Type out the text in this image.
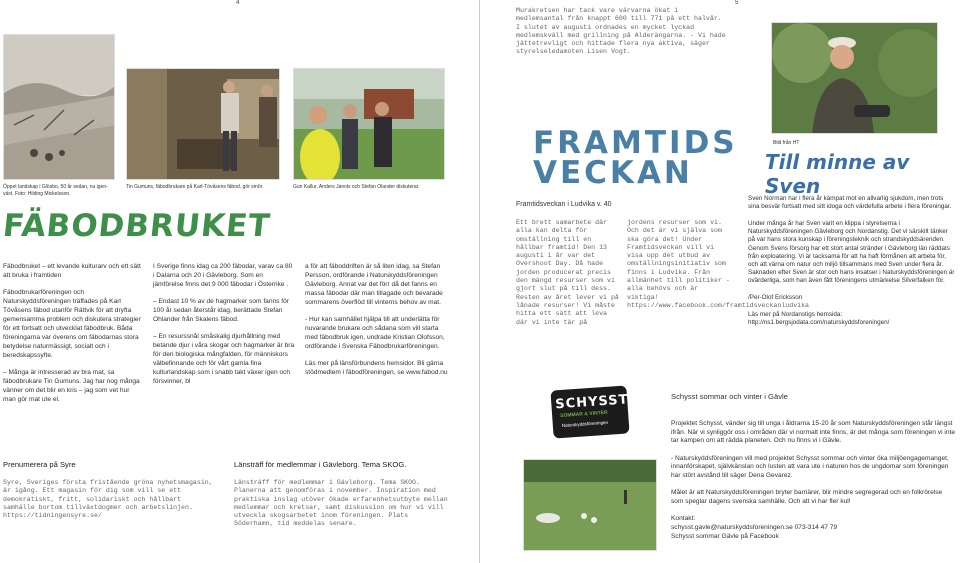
4
Öppet landskap i Glösbo, 50 år sedan, nu igen-växt. Foto: Hilding Mickelsson.
Tin Gumuns, fäbodbrukare på Karl-Tövåsens fäbod, gör smör.	Gun Kallur, Anders Janols och Stefan Olander diskuterar.
FÄBODBRUKET

Fäbodbruket – ett levande kulturarv och ett sätt att bruka i framtiden

Fäbodbrukarföreningen och Naturskyddsföreningen träffades på Karl Tövåsens fäbod utanför Rättvik för att dryfta gemensamma problem och diskutera strategier för ett fortsatt och utvecklat fäbodbruk. Båda föreningarna var överens om fäbodarnas stora betydelse naturmässigt, socialt och i beredskapssyfte.

– Många är intresserad av bra mat, sa fäbodbrukare Tin Gumuns. Jag har nog många vänner om det blir en kris – jag som vet hur man gör mat ute el.

I Sverige finns idag ca 200 fäbodar, varav ca 80 i Dalarna och 20 i Gävleborg. Som en jämförelse finns det 9 000 fäbodar i Österrike .

– Endast 10 % av de hagmarker som fanns för 100 år sedan återstår idag, berättade Stefan Ohlander från Skalens fäbod.

– En resurssnål småskalig djurhållning med betande djur i våra skogar och hagmarker är bra för den biologiska mångfalden, för människors välbefinnande och för vårt gamla fina kulturlandskap som i snabb takt växer igen och försvinner, bl

a för att fäboddriften är så liten idag, sa Stefan Persson, ordförande i Naturskyddsföreningen Gävleborg. Annat var det förr då det fanns en massa fäbodar där man tillagade och bevarade sommarens överflöd till vinterns behov av mat.

- Hur kan samhället hjälpa till att underlätta för nuvarande brukare och sådana som vill starta med fäbodbruk igen, undrade Kristian Olofsson, ordförande i Svenska Fäbodbrukarföreningen.

Läs mer på länsförbundens hemsidor. Bli gärna stödmedlem i fäbodföreningen, se www.fabod.nu

Prenumerera på Syre
Syre, Sveriges första fristående gröna nyhetsmagasin, är igång. Ett magasin för dig som vill se ett demokratiskt, fritt, solidariskt och hållbart samhälle bortom tillväxtdogmer och arbetslinjen. https://tidningensyre.se/
Länsträff för medlemmar i Gävleborg. Tema SKOG.
Länsträff för medlemmar i Gävleborg. Tema SKOG. Planerna att genomföras i november. Inspiration med praktiska inslag utöver ökade erfarenhetsutbyte mellan medlemmar och kretsar, samt diskussion om hur vi vill utveckla skogsarbetet inom föreningen. Plats Söderhamn, tid meddelas senare.
5
Murakretsen har tack vare värvarna ökat i medlemsantal från knappt 600 till 771 på ett halvår. I slutet av augusti ordnades en mycket lyckad medlemskväll med grillning på Alderängarna. - Vi hade jättetrevligt och hittade flera nya aktiva, säger styrelseledamoten Lisen Vogt.
Bild från HT
FRAMTIDS VECKAN	Till minne av Sven
Framtidsveckan i Ludvika v. 40
Ett brett samarbete där alla kan delta för omställning till en hållbar framtid! Den 13 augusti i år var det Overshoot Day. Då hade jorden producerat precis den mängd resurser som vi gjort slut på till dess. Resten av året lever vi på lånade resurser! Vi måste hitta ett sätt att leva där vi inte tär på
jordens resurser som vi. Och det är vi själva som ska göra det! Under Framtidsveckan vill vi visa upp det utbud av omställningsinitiativ som finns i Ludvika. Från allmänhet till politiker - alla behövs och är viktiga! https://www.facebook.com/framtidsveckanludvika

Sven Norman har i flera år kämpat mot en allvarlig sjukdom, men trots sina besvär fortsatt med sitt idoga och värdefulla arbete i flera föreningar.

Under många år har Sven varit en klippa i styrelserna i Naturskyddsföreningen Gävleborg och Nordanstig. Det vi särskilt tänker på var hans stora kunskap i föreningsteknik och strandskyddsärenden. Genom Svens försorg har ett stort antal stränder i Gävleborg län räddats från exploatering. Vi är tacksama för att ha haft förmånen att arbeta för, och att värna om natur och miljö tillsammans med Sven under flera år. Saknaden efter Sven är stor och hans insatser i Naturskyddsföreningen är ovärderliga, som han även fått föreningens utmärkelse Silverfalken för.

/Per-Olof Ericksson

Läs mer på Nordanstigs hemsida: http://ns1.bergsjodata.com/naturskyddsforeningen/

SCHYSST
SOMMAR & VINTER
Naturskyddsföreningen
Schysst sommar och vinter i Gävle

Projektet Schysst, vänder sig till unga i åldrarna 15-20 år som Naturskyddsföreningen står längst ifrån. När vi synliggör oss i områden där vi normalt inte finns, är det många som föreningen vi inte tar kampen om att rädda planeten. Och nu finns vi i Gävle.

- Naturskyddsföreningen vill med projektet Schysst sommar och vinter öka miljöengagemanget, innanförskapet, självkänslan och lusten att vara ute i naturen hos de ungdomar som föreningen har stört avstånd till säger Dena Gevarez.

Målet är att Naturskyddsföreningen bryter barriärer, blir mindre segregerad och en folkrörelse som speglar dagens svenska samhälle. Och att vi har fler kul!

Kontakt:
schysst.gavle@naturskyddsforeningen.se 073-314 47 79
Schysst sommar Gävle på Facebook
